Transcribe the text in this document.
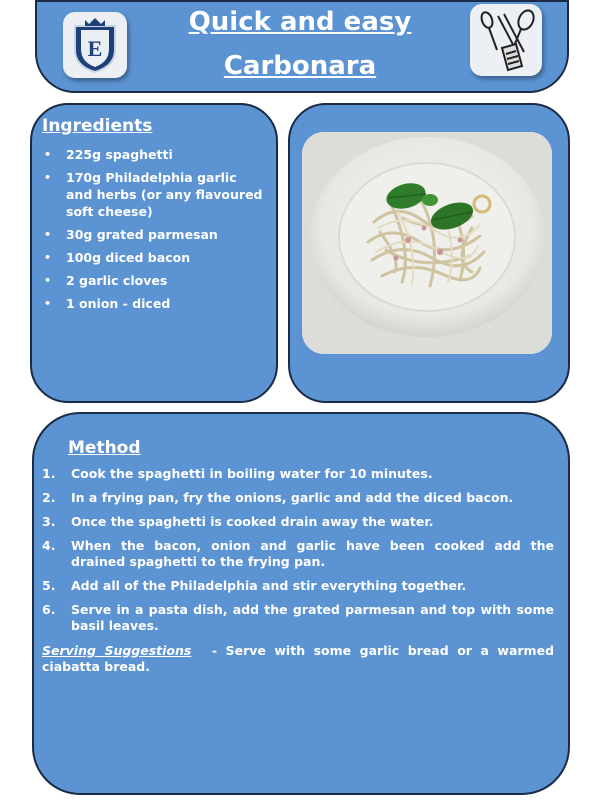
E
Quick and easy
Carbonara
Ingredients
• 225g spaghetti
• 170g Philadelphia garlic and herbs (or any flavoured soft cheese)
• 30g grated parmesan
• 100g diced bacon
• 2 garlic cloves
• 1 onion - diced
Method
1. Cook the spaghetti in boiling water for 10 minutes.
2. In a frying pan, fry the onions, garlic and add the diced bacon.
3. Once the spaghetti is cooked drain away the water.
4. When the bacon, onion and garlic have been cooked add the drained spaghetti to the frying pan.
5. Add all of the Philadelphia and stir everything together.
6. Serve in a pasta dish, add the grated parmesan and top with some basil leaves.
Serving Suggestions - Serve with some garlic bread or a warmed ciabatta bread.
